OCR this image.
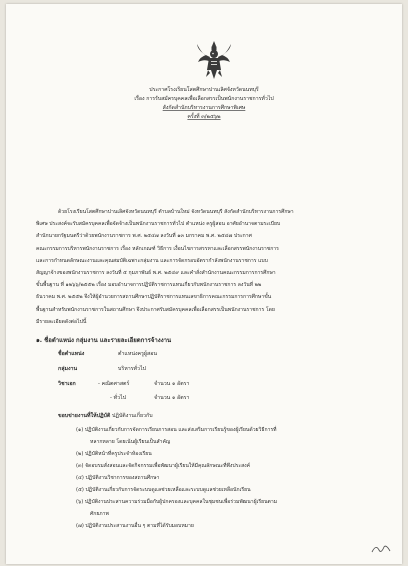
ประกาศโรงเรียนโสตศึกษาปานเลิศจังหวัดนนทบุรี
เรื่อง การรับสมัครบุคคลเพื่อเลือกสรรเป็นพนักงานราชการทั่วไป
สังกัดสำนักบริหารงานการศึกษาพิเศษ
ครั้งที่ ๓/๒๕๖๒
ด้วยโรงเรียนโสตศึกษาปานเลิศจังหวัดนนทบุรี ตำบลบ้านใหม่ จังหวัดนนทบุรี สังกัดสำนักบริหารงานการศึกษา
พิเศษ ประสงค์จะรับสมัครบุคคลเพื่อจัดจ้างเป็นพนักงานราชการทั่วไป ตำแหน่ง ครูผู้สอน อาศัยอำนาจตามระเบียบ
สำนักนายกรัฐมนตรีว่าด้วยพนักงานราชการ พ.ศ. ๒๕๔๗ ลงวันที่ ๑๓ มกราคม พ.ศ. ๒๕๔๗ ประกาศ
คณะกรรมการบริหารพนักงานราชการ เรื่อง หลักเกณฑ์ วิธีการ เงื่อนไขการสรรหาและเลือกสรรพนักงานราชการ
และการกำหนดลักษณะงานและคุณสมบัติเฉพาะกลุ่มงาน และการจัดกรอบอัตรากำลังพนักงานราชการ แบบ
สัญญาจ้างของพนักงานราชการ ลงวันที่ ๕ กุมภาพันธ์ พ.ศ. ๒๕๔๙ และคำสั่งสำนักงานคณะกรรมการการศึกษา
ขั้นพื้นฐาน ที่ ๑๒๖๖/๒๕๕๒ เรื่อง มอบอำนาจการปฏิบัติราชการแทนเกี่ยวกับพนักงานราชการ ลงวันที่ ๒๒
ธันวาคม พ.ศ. ๒๕๕๒ จึงให้ผู้อำนวยการสถานศึกษาปฏิบัติราชการแทนเลขาธิการคณะกรรมการการศึกษาขั้น
พื้นฐานสำหรับพนักงานราชการในสถานศึกษา จึงประกาศรับสมัครบุคคลเพื่อเลือกสรรเป็นพนักงานราชการ โดย
มีรายละเอียดดังต่อไปนี้
๑. ชื่อตำแหน่ง กลุ่มงาน และรายละเอียดการจ้างงาน
ชื่อตำแหน่ง	ตำแหน่งครูผู้สอน
กลุ่มงาน	บริหารทั่วไป
วิชาเอก	- คณิตศาสตร์	จำนวน ๑ อัตรา
- ทั่วไป	จำนวน ๑ อัตรา
ขอบข่ายงานที่ให้ปฏิบัติ ปฏิบัติงานเกี่ยวกับ
(๑) ปฏิบัติงานเกี่ยวกับการจัดการเรียนการสอน และส่งเสริมการเรียนรู้ของผู้เรียนด้วยวิธีการที่
หลากหลาย โดยเน้นผู้เรียนเป็นสำคัญ
(๒) ปฏิบัติหน้าที่ครูประจำห้องเรียน
(๓) จัดอบรมสั่งสอนและจัดกิจกรรมเพื่อพัฒนาผู้เรียนให้มีคุณลักษณะที่พึงประสงค์
(๔) ปฏิบัติงานวิชาการของสถานศึกษา
(๕) ปฏิบัติงานเกี่ยวกับการจัดระบบดูแลช่วยเหลือและระบบดูแลช่วยเหลือนักเรียน
(๖) ปฏิบัติงานประสานความร่วมมือกับผู้ปกครองและบุคคลในชุมชนเพื่อร่วมพัฒนาผู้เรียนตาม
ศักยภาพ
(๗) ปฏิบัติงานประสานงานอื่น ๆ ตามที่ได้รับมอบหมาย
